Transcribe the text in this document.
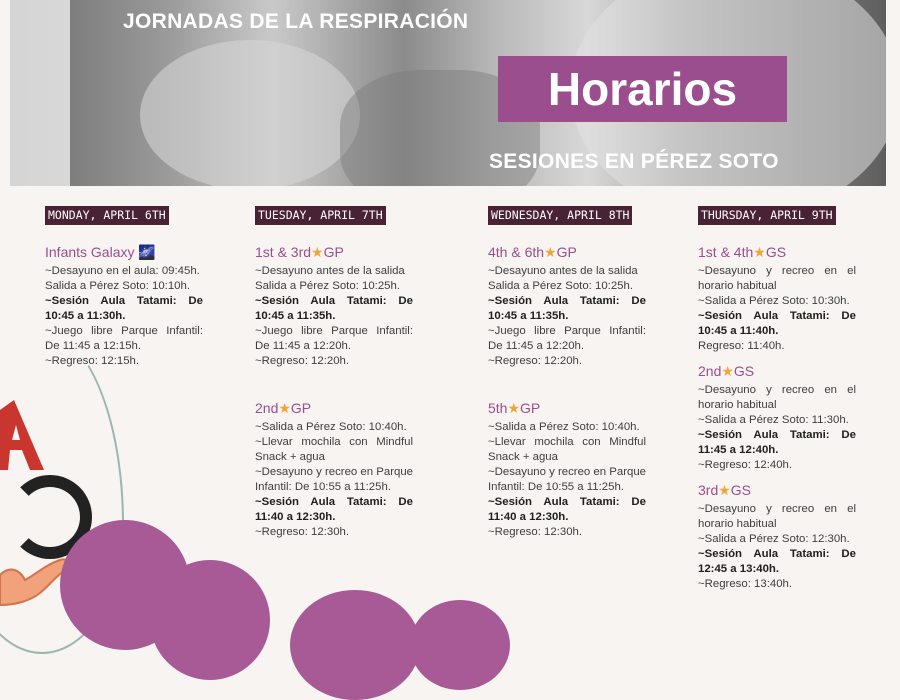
JORNADAS DE LA RESPIRACIÓN
Horarios
SESIONES EN PÉREZ SOTO
MONDAY, APRIL 6TH
Infants Galaxy 🌌

~Desayuno en el aula: 09:45h.

Salida a Pérez Soto: 10:10h.

~Sesión Aula Tatami: De 10:45 a 11:30h.

~Juego libre Parque Infantil: De 11:45 a 12:15h.

~Regreso: 12:15h.

TUESDAY, APRIL 7TH
1st & 3rd★GP

~Desayuno antes de la salida

Salida a Pérez Soto: 10:25h.

~Sesión Aula Tatami: De 10:45 a 11:35h.

~Juego libre Parque Infantil: De 11:45 a 12:20h.

~Regreso: 12:20h.

2nd★GP

~Salida a Pérez Soto: 10:40h.

~Llevar mochila con Mindful Snack + agua

~Desayuno y recreo en Parque Infantil: De 10:55 a 11:25h.

~Sesión Aula Tatami: De 11:40 a 12:30h.

~Regreso: 12:30h.

WEDNESDAY, APRIL 8TH
4th & 6th★GP

~Desayuno antes de la salida

Salida a Pérez Soto: 10:25h.

~Sesión Aula Tatami: De 10:45 a 11:35h.

~Juego libre Parque Infantil: De 11:45 a 12:20h.

~Regreso: 12:20h.

5th★GP

~Salida a Pérez Soto: 10:40h.

~Llevar mochila con Mindful Snack + agua

~Desayuno y recreo en Parque Infantil: De 10:55 a 11:25h.

~Sesión Aula Tatami: De 11:40 a 12:30h.

~Regreso: 12:30h.

THURSDAY, APRIL 9TH
1st & 4th★GS

~Desayuno y recreo en el horario habitual

~Salida a Pérez Soto: 10:30h.

~Sesión Aula Tatami: De 10:45 a 11:40h.

Regreso: 11:40h.

2nd★GS

~Desayuno y recreo en el horario habitual

~Salida a Pérez Soto: 11:30h.

~Sesión Aula Tatami: De 11:45 a 12:40h.

~Regreso: 12:40h.

3rd★GS

~Desayuno y recreo en el horario habitual

~Salida a Pérez Soto: 12:30h.

~Sesión Aula Tatami: De 12:45 a 13:40h.

~Regreso: 13:40h.
